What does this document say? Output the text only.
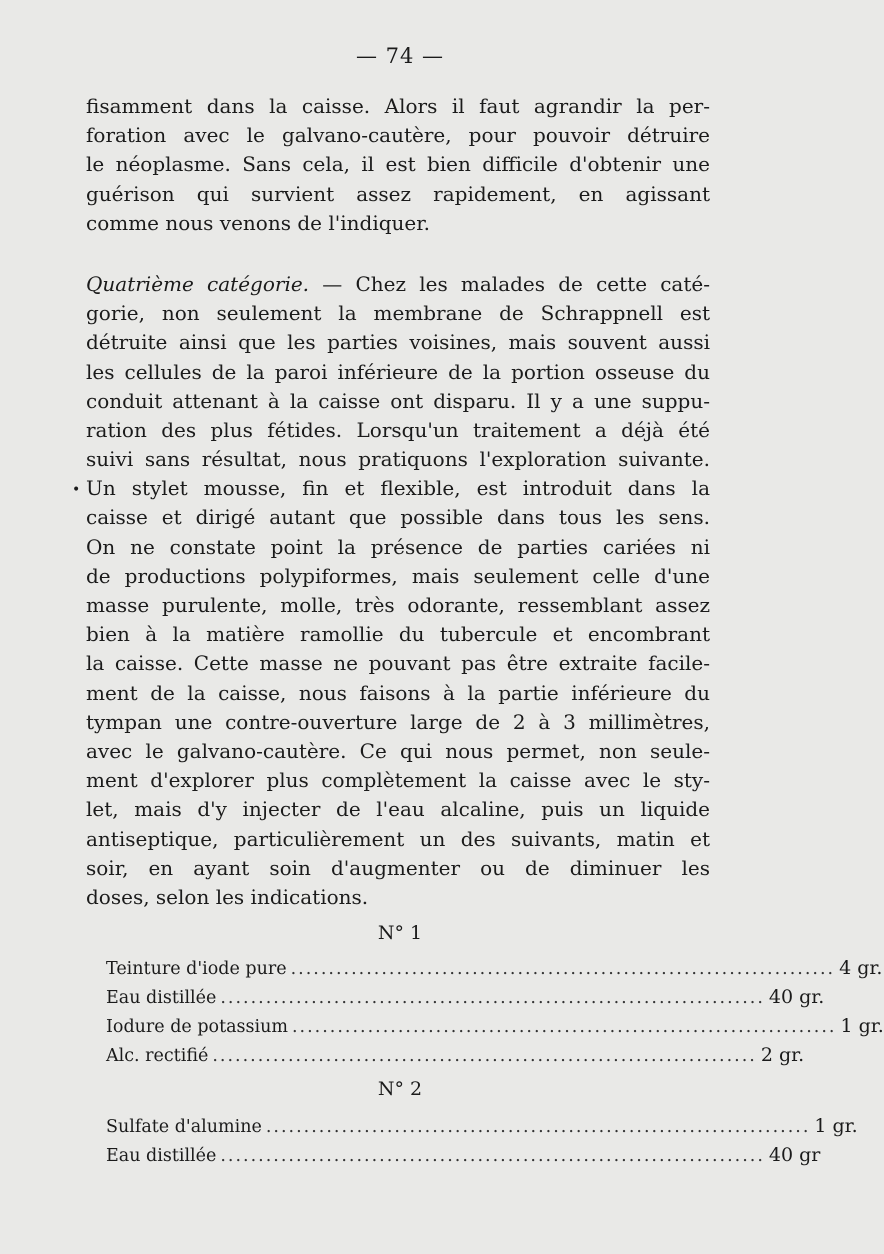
— 74 —
fisamment dans la caisse. Alors il faut agrandir la per-
foration avec le galvano-cautère, pour pouvoir détruire
le néoplasme. Sans cela, il est bien difficile d'obtenir une
guérison qui survient assez rapidement, en agissant
comme nous venons de l'indiquer.
Quatrième catégorie. — Chez les malades de cette caté-
gorie, non seulement la membrane de Schrappnell est
détruite ainsi que les parties voisines, mais souvent aussi
les cellules de la paroi inférieure de la portion osseuse du
conduit attenant à la caisse ont disparu. Il y a une suppu-
ration des plus fétides. Lorsqu'un traitement a déjà été
suivi sans résultat, nous pratiquons l'exploration suivante.
Un stylet mousse, fin et flexible, est introduit dans la
caisse et dirigé autant que possible dans tous les sens.
On ne constate point la présence de parties cariées ni
de productions polypiformes, mais seulement celle d'une
masse purulente, molle, très odorante, ressemblant assez
bien à la matière ramollie du tubercule et encombrant
la caisse. Cette masse ne pouvant pas être extraite facile-
ment de la caisse, nous faisons à la partie inférieure du
tympan une contre-ouverture large de 2 à 3 millimètres,
avec le galvano-cautère. Ce qui nous permet, non seule-
ment d'explorer plus complètement la caisse avec le sty-
let, mais d'y injecter de l'eau alcaline, puis un liquide
antiseptique, particulièrement un des suivants, matin et
soir, en ayant soin d'augmenter ou de diminuer les
doses, selon les indications.
•
N° 1
Teinture d'iode pure ........................................................................ 4 gr.
Eau distillée ........................................................................ 40 gr.
Iodure de potassium ........................................................................ 1 gr.
Alc. rectifié ........................................................................ 2 gr.
N° 2
Sulfate d'alumine ........................................................................ 1 gr.
Eau distillée ........................................................................ 40 gr
